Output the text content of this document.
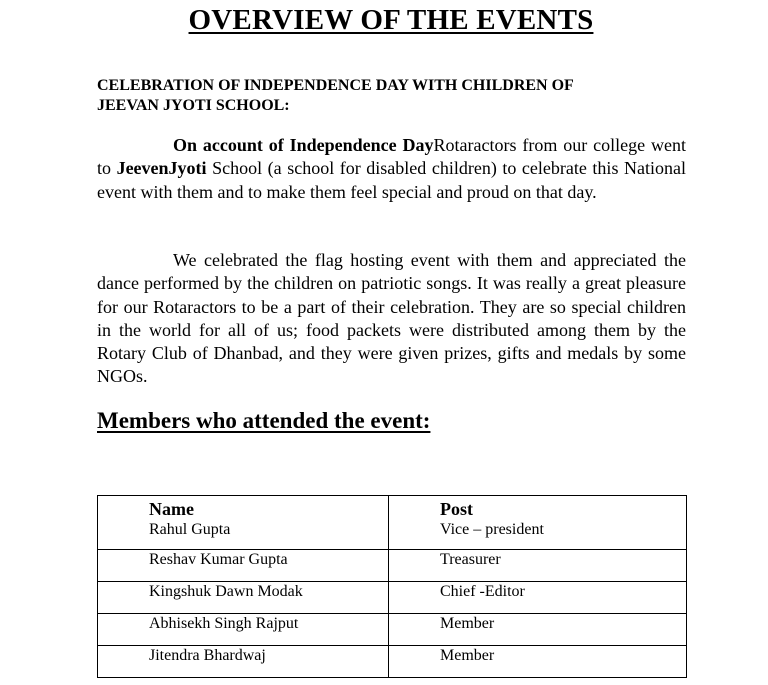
OVERVIEW OF THE EVENTS
CELEBRATION OF INDEPENDENCE DAY WITH CHILDREN OF
JEEVAN JYOTI SCHOOL:
On account of Independence DayRotaractors from our college went to JeevenJyoti School (a school for disabled children) to celebrate this National event with them and to make them feel special and proud on that day.
We celebrated the flag hosting event with them and appreciated the dance performed by the children on patriotic songs. It was really a great pleasure for our Rotaractors to be a part of their celebration. They are so special children in the world for all of us; food packets were distributed among them by the Rotary Club of Dhanbad, and they were given prizes, gifts and medals by some NGOs.
Members who attended the event:
Name	Post
Rahul Gupta	Vice – president
Reshav Kumar Gupta	Treasurer
Kingshuk Dawn Modak	Chief -Editor
Abhisekh Singh Rajput	Member
Jitendra Bhardwaj	Member
